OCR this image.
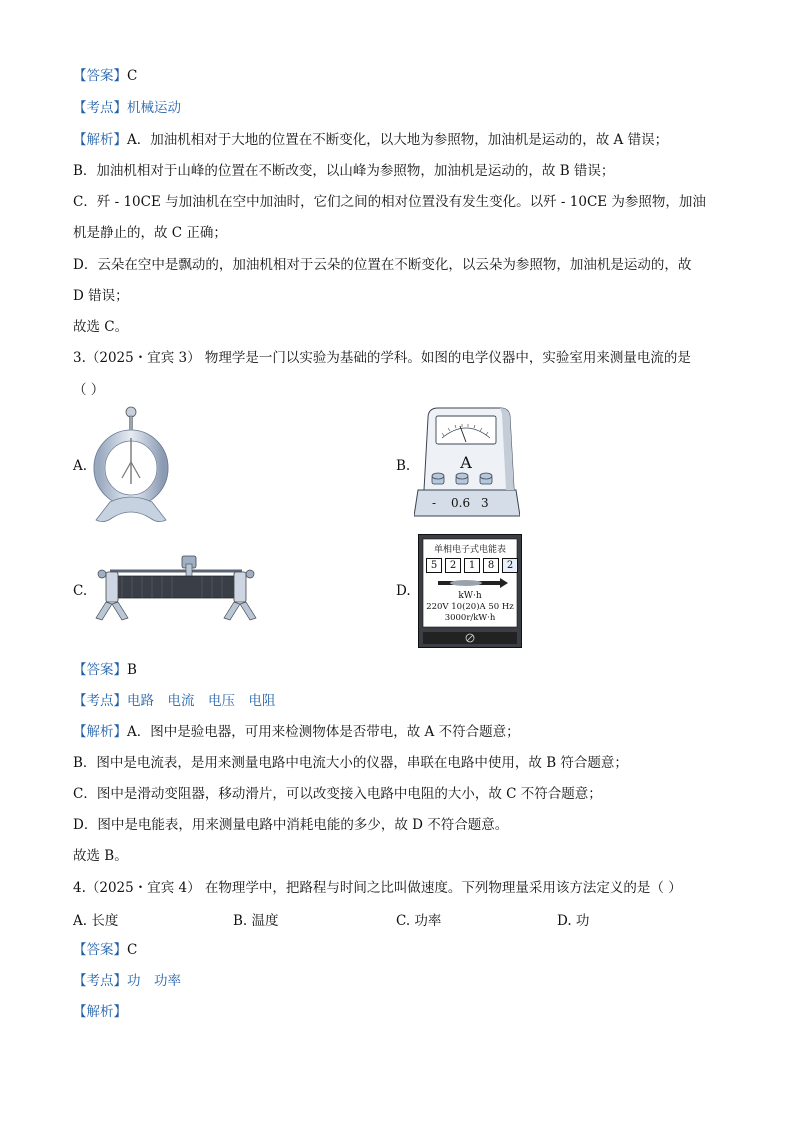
【答案】C
【考点】机械运动
【解析】A．加油机相对于大地的位置在不断变化，以大地为参照物，加油机是运动的，故 A 错误；
B．加油机相对于山峰的位置在不断改变，以山峰为参照物，加油机是运动的，故 B 错误；
C．歼 - 10CE 与加油机在空中加油时，它们之间的相对位置没有发生变化。以歼 - 10CE 为参照物，加油
机是静止的，故 C 正确；
D．云朵在空中是飘动的，加油机相对于云朵的位置在不断变化，以云朵为参照物，加油机是运动的，故
D 错误；
故选 C。
3.（2025・宜宾 3） 物理学是一门以实验为基础的学科。如图的电学仪器中，实验室用来测量电流的是
（ ）
A.	B.
C.	D.
A
- 0.6 3
单相电子式电能表
5	2	1	8	2
kW·h
220V 10(20)A 50 Hz
3000r/kW·h
【答案】B
【考点】电路　电流　电压　电阻
【解析】A．图中是验电器，可用来检测物体是否带电，故 A 不符合题意；
B．图中是电流表，是用来测量电路中电流大小的仪器，串联在电路中使用，故 B 符合题意；
C．图中是滑动变阻器，移动滑片，可以改变接入电路中电阻的大小，故 C 不符合题意；
D．图中是电能表，用来测量电路中消耗电能的多少，故 D 不符合题意。
故选 B。
4.（2025・宜宾 4） 在物理学中，把路程与时间之比叫做速度。下列物理量采用该方法定义的是（ ）
A. 长度	B. 温度	C. 功率	D. 功
【答案】C
【考点】功　功率
【解析】
